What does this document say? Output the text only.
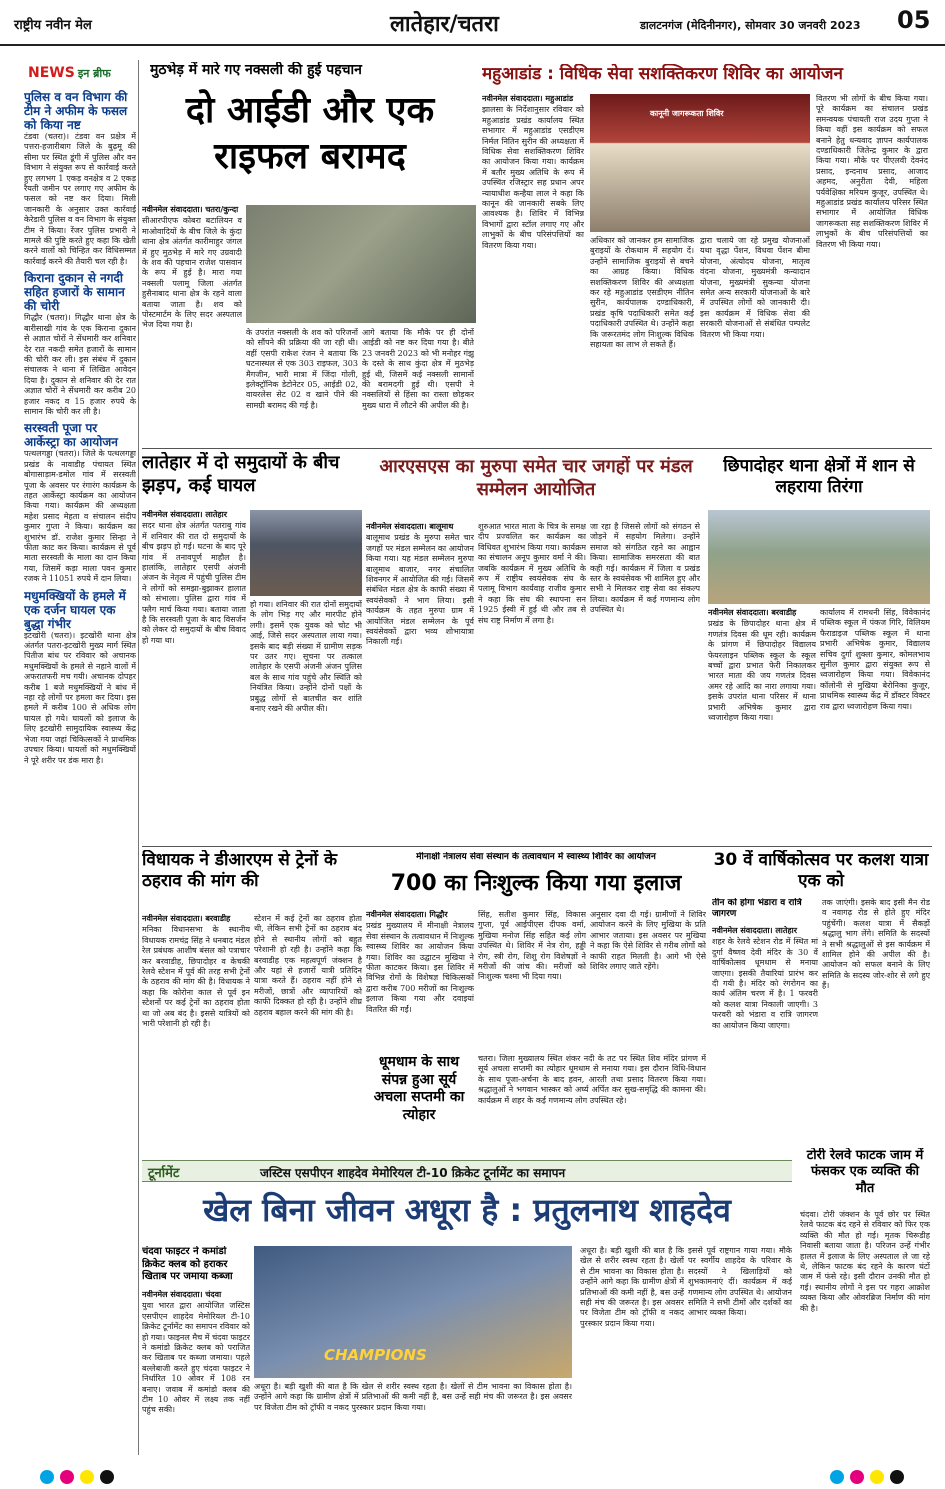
राष्ट्रीय नवीन मेल	लातेहार/चतरा	डालटनगंज (मेदिनीनगर), सोमवार 30 जनवरी 2023 05
NEWS इन ब्रीफ
पुलिस व वन विभाग की टीम ने अफीम के फसल को किया नष्ट
टंडवा (चतरा)। टंडवा वन प्रक्षेत्र में पत्तरा-हजारीबाग जिले के बुढ़मू की सीमा पर स्थित डूंगी में पुलिस और वन विभाग ने संयुक्त रूप से कार्रवाई करते हुए लगभग 1 एकड़ वनक्षेत्र व 2 एकड़ रैयती जमीन पर लगाए गए अफीम के फसल को नष्ट कर दिया। मिली जानकारी के अनुसार उक्त कार्रवाई केरेडारी पुलिस व वन विभाग के संयुक्त टीम ने किया। रेंजर पुलिस प्रभारी ने मामले की पुष्टि करते हुए कहा कि खेती करने वालों को चिन्हित कर विधिसम्मत कार्रवाई करने की तैयारी चल रही है।
किराना दुकान से नगदी सहित हजारों के सामान की चोरी
गिद्धौर (चतरा)। गिद्धौर थाना क्षेत्र के बारीसाखी गांव के एक किराना दुकान से अज्ञात चोरों ने सेंधमारी कर शनिवार देर रात नकदी समेत हजारों के सामान की चोरी कर ली। इस संबंध में दुकान संचालक ने थाना में लिखित आवेदन दिया है। दुकान से शनिवार की देर रात अज्ञात चोरों ने सेंधमारी कर करीब 20 हजार नकद व 15 हजार रुपये के सामान कि चोरी कर ली है।
सरस्वती पूजा पर आर्केस्ट्रा का आयोजन
पत्थलगड्डा (चतरा)। जिले के पत्थलगड्डा प्रखंड के नावाडीह पंचायत स्थित बोगासाड़ाम-डमोल गांव में सरस्वती पूजा के अवसर पर रंगारंग कार्यक्रम के तहत आर्केस्ट्रा कार्यक्रम का आयोजन किया गया। कार्यक्रम की अध्यक्षता महेश प्रसाद मेहता व संचालन संदीप कुमार गुप्ता ने किया। कार्यक्रम का शुभारंभ डॉ. राजेश कुमार सिन्हा ने फीता काट कर किया। कार्यक्रम से पूर्व माता सरस्वती के माला का दान किया गया, जिसमें कड़ा माला पवन कुमार रजक ने 11051 रुपये में दान लिया।
मधुमक्खियों के हमले में एक दर्जन घायल एक बुद्धा गंभीर
इटखोरी (चतरा)। इटखोरी थाना क्षेत्र अंतर्गत पतरा-इटखोरी मुख्य मार्ग स्थित पितीज बांध पर रविवार को अचानक मधुमक्खियों के हमले से नहाने वालों में अफरातफरी मच गयी। अचानक दोपहर करीब 1 बजे मधुमक्खियों ने बांध में नहा रहे लोगों पर हमला कर दिया। इस हमले में करीब 100 से अधिक लोग घायल हो गये। घायलों को इलाज के लिए इटखोरी सामुदायिक स्वास्थ्य केंद्र भेजा गया जहां चिकित्सकों ने प्राथमिक उपचार किया। घायलों को मधुमक्खियों ने पूरे शरीर पर डंक मारा है।
मुठभेड़ में मारे गए नक्सली की हुई पहचान
दो आईडी और एक राइफल बरामद
नवीनमेल संवाददाता। चतरा/कुन्दा
सीआरपीएफ कोबरा बटालियन व माओवादियों के बीच जिले के कुंदा थाना क्षेत्र अंतर्गत कारीमाहुर जंगल में हुए मुठभेड़ में मारे गए उग्रवादी के शव की पहचान राजेश पासवान के रूप में हुई है। मारा गया नक्सली पलामू जिला अंतर्गत हुसैनाबाद थाना क्षेत्र के रहने वाला बताया जाता है। शव को पोस्टमार्टम के लिए सदर अस्पताल भेज दिया गया है।
के उपरांत नक्सली के शव को परिजनों को सौंपने की प्रक्रिया की जा रही थी। वहीं एसपी राकेश रंजन ने बताया कि घटनास्थल से एक 303 राइफल, 303 मैगजीन, भारी मात्रा में जिंदा गोली, इलेक्ट्रॉनिक डेटोनेटर 05, आईडी 02, वायरलेस सेट 02 व खाने पीने की सामग्री बरामद की गई है।
आगे बताया कि मौके पर ही दोनों आईडी को नष्ट कर दिया गया है। बीते 23 जनवरी 2023 को भी मनोहर गंझू के दस्ते के साथ कुंदा क्षेत्र में मुठभेड़ हुई थी, जिसमें कई नक्सली सामानों की बरामदगी हुई थी। एसपी ने नक्सलियों से हिंसा का रास्ता छोड़कर मुख्य धारा में लौटने की अपील की है।
महुआडांड : विधिक सेवा सशक्तिकरण शिविर का आयोजन
नवीनमेल संवाददाता। महुआडांड
झालसा के निर्देशानुसार रविवार को महुआडांड प्रखंड कार्यालय स्थित सभागार में महुआडांड एसडीएम निर्मल नितिन सुरीन की अध्यक्षता में विधिक सेवा सशक्तिकरण शिविर का आयोजन किया गया। कार्यक्रम में बतौर मुख्य अतिथि के रूप में उपस्थित रजिस्ट्रार सह प्रधान अपर न्यायाधीश कन्हैया लाल ने कहा कि कानून की जानकारी सबके लिए आवश्यक है। शिविर में विभिन्न विभागों द्वारा स्टॉल लगाए गए और लाभुकों के बीच परिसंपत्तियों का वितरण किया गया।
कानूनी जागरूकता शिविर
अधिकार को जानकर हम सामाजिक बुराइयों के रोकथाम में सहयोग दें। उन्होंने सामाजिक बुराइयों से बचने का आग्रह किया। विधिक सशक्तिकरण शिविर की अध्यक्षता कर रहे महुआडांड एसडीएम नीतिन सुरीन, कार्यपालक दण्डाधिकारी, प्रखंड कृषि पदाधिकारी समेत कई पदाधिकारी उपस्थित थे। उन्होंने कहा कि जरूरतमंद लोग निःशुल्क विधिक सहायता का लाभ ले सकते हैं।
द्वारा चलाये जा रहे प्रमुख योजनाओं यथा वृद्धा पेंशन, विधवा पेंशन बीमा योजना, अंत्योदय योजना, मातृत्व वंदना योजना, मुख्यमंत्री कन्यादान योजना, मुख्यमंत्री सुकन्या योजना समेत अन्य सरकारी योजनाओं के बारे में उपस्थित लोगों को जानकारी दी। इस कार्यक्रम में विधिक सेवा की सरकारी योजनाओं से संबंधित पम्पलेट वितरण भी किया गया।
वितरण भी लोगों के बीच किया गया। पूरे कार्यक्रम का संचालन प्रखंड समन्वयक पंचायती राज उदय गुप्ता ने किया वहीं इस कार्यक्रम को सफल बनाने हेतु धन्यवाद ज्ञापन कार्यपालक दण्डाधिकारी जितेन्द्र कुमार के द्वारा किया गया। मौके पर पीएलवी देवनंद प्रसाद, इन्दनाथ प्रसाद, आजाद अहमद, अनुरीता देवी, महिला पर्यवेक्षिका मरियम कुजूर, उपस्थित थे। महुआडांड प्रखंड कार्यालय परिसर स्थित सभागार में आयोजित विधिक जागरूकता सह सशक्तिकरण शिविर में लाभुकों के बीच परिसंपत्तियों का वितरण भी किया गया।
लातेहार में दो समुदायों के बीच झड़प, कई घायल
नवीनमेल संवाददाता। लातेहार
सदर थाना क्षेत्र अंतर्गत पतराबु गांव में शनिवार की रात दो समुदायों के बीच झड़प हो गई। घटना के बाद पूरे गांव में तनावपूर्ण माहौल है। हालांकि, लातेहार एसपी अंजनी अंजन के नेतृत्व में पहुंची पुलिस टीम ने लोगों को समझा-बुझाकर हालात को संभाला। पुलिस द्वारा गांव में फ्लैग मार्च किया गया। बताया जाता है कि सरस्वती पूजा के बाद विसर्जन को लेकर दो समुदायों के बीच विवाद हो गया था।
हो गया। शनिवार की रात दोनों समुदायों के लोग भिड़ गए और मारपीट होने लगी। इसमें एक युवक को चोट भी आई, जिसे सदर अस्पताल लाया गया। इसके बाद बड़ी संख्या में ग्रामीण सड़क पर उतर गए। सूचना पर तत्काल लातेहार के एसपी अंजनी अंजन पुलिस बल के साथ गांव पहुंचे और स्थिति को नियंत्रित किया। उन्होंने दोनों पक्षों के प्रबुद्ध लोगों से बातचीत कर शांति बनाए रखने की अपील की।
आरएसएस का मुरुपा समेत चार जगहों पर मंडल सम्मेलन आयोजित
नवीनमेल संवाददाता। बालूमाथ
बालूमाथ प्रखंड के मुरुपा समेत चार जगहों पर मंडल सम्मेलन का आयोजन किया गया। यह मंडल सम्मेलन मुरुपा बालूमाथ बाजार, नगर संचालित शिवनगर में आयोजित की गई। जिसमें संबंधित मंडल क्षेत्र के काफी संख्या में स्वयंसेवकों ने भाग लिया। इसी कार्यक्रम के तहत मुरुपा ग्राम में आयोजित मंडल सम्मेलन के पूर्व स्वयंसेवकों द्वारा भव्य शोभायात्रा निकाली गई।
शुरुआत भारत माता के चित्र के समक्ष दीप प्रज्वलित कर कार्यक्रम का विधिवत शुभारंभ किया गया। कार्यक्रम का संचालन अनूप कुमार वर्मा ने की। जबकि कार्यक्रम में मुख्य अतिथि के रूप में राष्ट्रीय स्वयंसेवक संघ के पलामू विभाग कार्यवाह राजीव कुमार ने कहा कि संघ की स्थापना सन 1925 ईस्वी में हुई थी और तब से संघ राष्ट्र निर्माण में लगा है।
जा रहा है जिससे लोगों को संगठन से जोड़ने में सहयोग मिलेगा। उन्होंने समाज को संगठित रहने का आह्वान किया। सामाजिक समरसता की बात कही गई। कार्यक्रम में जिला व प्रखंड स्तर के स्वयंसेवक भी शामिल हुए और सभी ने मिलकर राष्ट्र सेवा का संकल्प लिया। कार्यक्रम में कई गणमान्य लोग उपस्थित थे।
छिपादोहर थाना क्षेत्रों में शान से लहराया तिरंगा
नवीनमेल संवाददाता। बरवाडीह
प्रखंड के छिपादोहर थाना क्षेत्र में गणतंत्र दिवस की धूम रही। कार्यक्रम के प्रांगण में छिपादोहर विद्यालय फेयरलाइन पब्लिक स्कूल के स्कूल बच्चों द्वारा प्रभात फेरी निकालकर भारत माता की जय गणतंत्र दिवस अमर रहे आदि का नारा लगाया गया। इसके उपरांत थाना परिसर में थाना प्रभारी अभिषेक कुमार द्वारा ध्वजारोहण किया गया।
कार्यालय में रामधनी सिंह, विवेकानंद पब्लिक स्कूल में पंकज गिरि, विलियम फैराडाइज पब्लिक स्कूल में थाना प्रभारी अभिषेक कुमार, विद्यालय सचिव दुर्गा शुक्ला कुमार, कोमलभाय सुनील कुमार द्वारा संयुक्त रूप से ध्वजारोहण किया गया। विवेकानंद कॉलोनी से मुखिया बेरोनिका कुजूर, प्राथमिक स्वास्थ्य केंद्र में डॉक्टर विक्टर राव द्वारा ध्वजारोहण किया गया।
विधायक ने डीआरएम से ट्रेनों के ठहराव की मांग की
नवीनमेल संवाददाता। बरवाडीह
मनिका विधानसभा के स्थानीय विधायक रामचंद्र सिंह ने धनबाद मंडल रेल प्रबंधक आशीष बंसल को पत्राचार कर बरवाडीह, छिपादोहर व केचकी रेलवे स्टेशन में पूर्व की तरह सभी ट्रेनों के ठहराव की मांग की है। विधायक ने कहा कि कोरोना काल से पूर्व इन स्टेशनों पर कई ट्रेनों का ठहराव होता था जो अब बंद है। इससे यात्रियों को भारी परेशानी हो रही है।
स्टेशन में कई ट्रेनों का ठहराव होता थी, लेकिन सभी ट्रेनों का ठहराव बंद होने से स्थानीय लोगों को बहुत परेशानी हो रही है। उन्होंने कहा कि बरवाडीह एक महत्वपूर्ण जंक्शन है और यहां से हजारों यात्री प्रतिदिन यात्रा करते हैं। ठहराव नहीं होने से मरीजों, छात्रों और व्यापारियों को काफी दिक्कत हो रही है। उन्होंने शीघ्र ठहराव बहाल करने की मांग की है।
मीनाक्षी नेत्रालय सेवा संस्थान के तत्वावधान में स्वास्थ्य शिविर का आयोजन
700 का निःशुल्क किया गया इलाज
नवीनमेल संवाददाता। गिद्धौर
प्रखंड मुख्यालय में मीनाक्षी नेत्रालय सेवा संस्थान के तत्वावधान में निःशुल्क स्वास्थ्य शिविर का आयोजन किया गया। शिविर का उद्घाटन मुखिया ने फीता काटकर किया। इस शिविर में विभिन्न रोगों के विशेषज्ञ चिकित्सकों द्वारा करीब 700 मरीजों का निःशुल्क इलाज किया गया और दवाइयां वितरित की गईं।
सिंह, सतीश कुमार सिंह, विकास गुप्ता, पूर्व आईपीएस दीपक वर्मा, मुखिया मनोज सिंह सहित कई लोग उपस्थित थे। शिविर में नेत्र रोग, हड्डी रोग, स्त्री रोग, शिशु रोग विशेषज्ञों ने मरीजों की जांच की। मरीजों को निःशुल्क चश्मा भी दिया गया।
अनुसार दवा दी गई। ग्रामीणों ने शिविर आयोजन करने के लिए मुखिया के प्रति आभार जताया। इस अवसर पर मुखिया ने कहा कि ऐसे शिविर से गरीब लोगों को काफी राहत मिलती है। आगे भी ऐसे शिविर लगाए जाते रहेंगे।
धूमधाम के साथ संपन्न हुआ सूर्य अचला सप्तमी का त्योहार
चतरा। जिला मुख्यालय स्थित शंकर नदी के तट पर स्थित शिव मंदिर प्रांगण में सूर्य अचला सप्तमी का त्योहार धूमधाम से मनाया गया। इस दौरान विधि-विधान के साथ पूजा-अर्चना के बाद हवन, आरती तथा प्रसाद वितरण किया गया। श्रद्धालुओं ने भगवान भास्कर को अर्घ्य अर्पित कर सुख-समृद्धि की कामना की। कार्यक्रम में शहर के कई गणमान्य लोग उपस्थित रहे।
30 वें वार्षिकोत्सव पर कलश यात्रा एक को
तीन को होगा भंडारा व रात्रि जागरण
नवीनमेल संवाददाता। लातेहार
शहर के रेलवे स्टेशन रोड में स्थित मां दुर्गा वैष्णव देवी मंदिर के 30 वें वार्षिकोत्सव धूमधाम से मनाया जाएगा। इसकी तैयारियां प्रारंभ कर दी गयी है। मंदिर को रंगरोगन का कार्य अंतिम चरण में है। 1 फरवरी को कलश यात्रा निकाली जाएगी। 3 फरवरी को भंडारा व रात्रि जागरण का आयोजन किया जाएगा।
तक जाएंगी। इसके बाद इसी मैन रोड व नवागढ़ रोड से होते हुए मंदिर पहुंचेंगी। कलश यात्रा में सैकड़ों श्रद्धालु भाग लेंगे। समिति के सदस्यों ने सभी श्रद्धालुओं से इस कार्यक्रम में शामिल होने की अपील की है। आयोजन को सफल बनाने के लिए समिति के सदस्य जोर-शोर से लगे हुए हैं।
टूर्नामेंट	जस्टिस एसपीएन शाहदेव मेमोरियल टी-10 क्रिकेट टूर्नामेंट का समापन
खेल बिना जीवन अधूरा है : प्रतुलनाथ शाहदेव
चंदवा फाइटर ने कमांडो क्रिकेट क्लब को हराकर खिताब पर जमाया कब्जा
नवीनमेल संवाददाता। चंदवा
युवा भारत द्वारा आयोजित जस्टिस एसपीएन शाहदेव मेमोरियल टी-10 क्रिकेट टूर्नामेंट का समापन रविवार को हो गया। फाइनल मैच में चंदवा फाइटर ने कमांडो क्रिकेट क्लब को पराजित कर खिताब पर कब्जा जमाया। पहले बल्लेबाजी करते हुए चंदवा फाइटर ने निर्धारित 10 ओवर में 108 रन बनाए। जवाब में कमांडो क्लब की टीम 10 ओवर में लक्ष्य तक नहीं पहुंच सकी।
CHAMPIONS
अधूरा है। बड़ी खुशी की बात है कि खेल से शरीर स्वस्थ रहता है। खेलों से टीम भावना का विकास होता है। उन्होंने आगे कहा कि ग्रामीण क्षेत्रों में प्रतिभाओं की कमी नहीं है, बस उन्हें सही मंच की जरूरत है। इस अवसर पर विजेता टीम को ट्रॉफी व नकद पुरस्कार प्रदान किया गया।
अधूरा है। बड़ी खुशी की बात है कि खेल से शरीर स्वस्थ रहता है। खेलों से टीम भावना का विकास होता है। उन्होंने आगे कहा कि ग्रामीण क्षेत्रों में प्रतिभाओं की कमी नहीं है, बस उन्हें सही मंच की जरूरत है। इस अवसर पर विजेता टीम को ट्रॉफी व नकद पुरस्कार प्रदान किया गया।
इससे पूर्व राष्ट्रगान गाया गया। मौके पर स्वर्गीय शाहदेव के परिवार के सदस्यों ने खिलाड़ियों को शुभकामनाएं दीं। कार्यक्रम में कई गणमान्य लोग उपस्थित थे। आयोजन समिति ने सभी टीमों और दर्शकों का आभार व्यक्त किया।
टोरी रेलवे फाटक जाम में फंसकर एक व्यक्ति की मौत
चंदवा। टोरी जंक्शन के पूर्व छोर पर स्थित रेलवे फाटक बंद रहने से रविवार को फिर एक व्यक्ति की मौत हो गई। मृतक चिरूडीह निवासी बताया जाता है। परिजन उन्हें गंभीर हालत में इलाज के लिए अस्पताल ले जा रहे थे, लेकिन फाटक बंद रहने के कारण घंटों जाम में फंसे रहे। इसी दौरान उनकी मौत हो गई। स्थानीय लोगों ने इस पर गहरा आक्रोश व्यक्त किया और ओवरब्रिज निर्माण की मांग की है।
